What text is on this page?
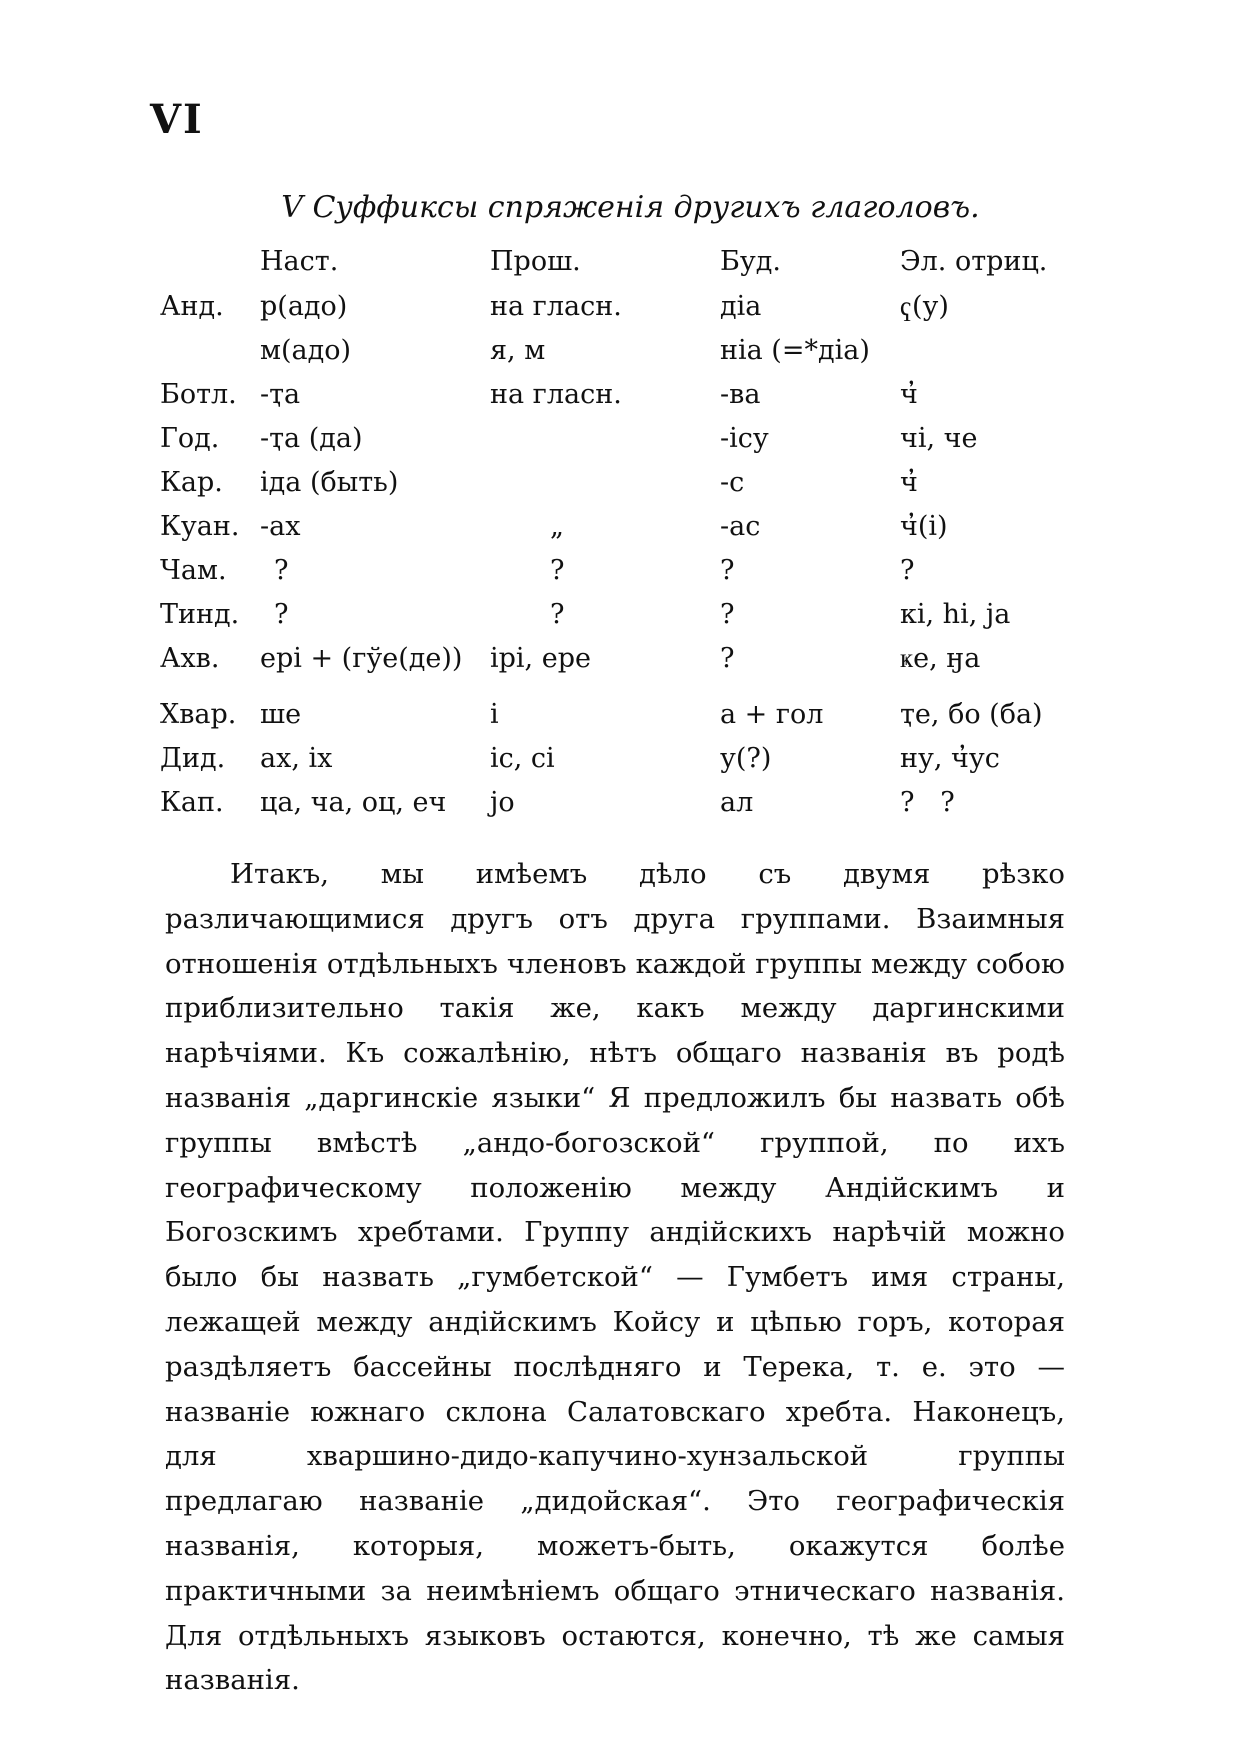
VI
V Суффиксы спряженія другихъ глаголовъ.
	Наст.	Прош.	Буд.	Эл. отриц.
Анд.	р(адо)	на гласн.	діа	ҁ(у)
	м(адо)	я, м	ніа (=*діа)	
Ботл.	-ҭа	на гласн.	-ва	ч̓
Год.	-ҭа (да)		-ісу	чі, че
Кар.	іда (быть)		-с	ч̓
Куан.	-ах	„	-ас	ч̓(і)
Чам.	?	?	?	?
Тинд.	?	?	?	кі, hі, ја
Ахв.	ері + (гўе(де))	іpі, ере	?	ҝе, ӈа
Хвар.	ше	і	а + гол	ҭе, бо (ба)
Дид.	ах, іх	іс, сі	у(?)	ну, ч̓ус
Кап.	ца, ча, оц, еч	јо	ал	?   ?

Итакъ, мы имѣемъ дѣло съ двумя рѣзко различающимися другъ отъ друга группами. Взаимныя отношенія отдѣльныхъ членовъ каждой группы между собою приблизительно такія же, какъ между даргинскими нарѣчіями. Къ сожалѣнію, нѣтъ общаго названія въ родѣ названія „даргинскіе языки“ Я предложилъ бы назвать обѣ группы вмѣстѣ „андо-богозской“ группой, по ихъ географическому положенію между Андійскимъ и Богозскимъ хребтами. Группу андійскихъ нарѣчій можно было бы назвать „гумбетской“ — Гумбетъ имя страны, лежащей между андійскимъ Койсу и цѣпью горъ, которая раздѣляетъ бассейны послѣдняго и Терека, т. е. это — названіе южнаго склона Салатовскаго хребта. Наконецъ, для хваршино-дидо-капучино-хунзальской группы предлагаю названіе „дидойская“. Это географическія названія, которыя, можетъ-быть, окажутся болѣе практичными за неимѣніемъ общаго этническаго названія. Для отдѣльныхъ языковъ остаются, конечно, тѣ же самыя названія.
